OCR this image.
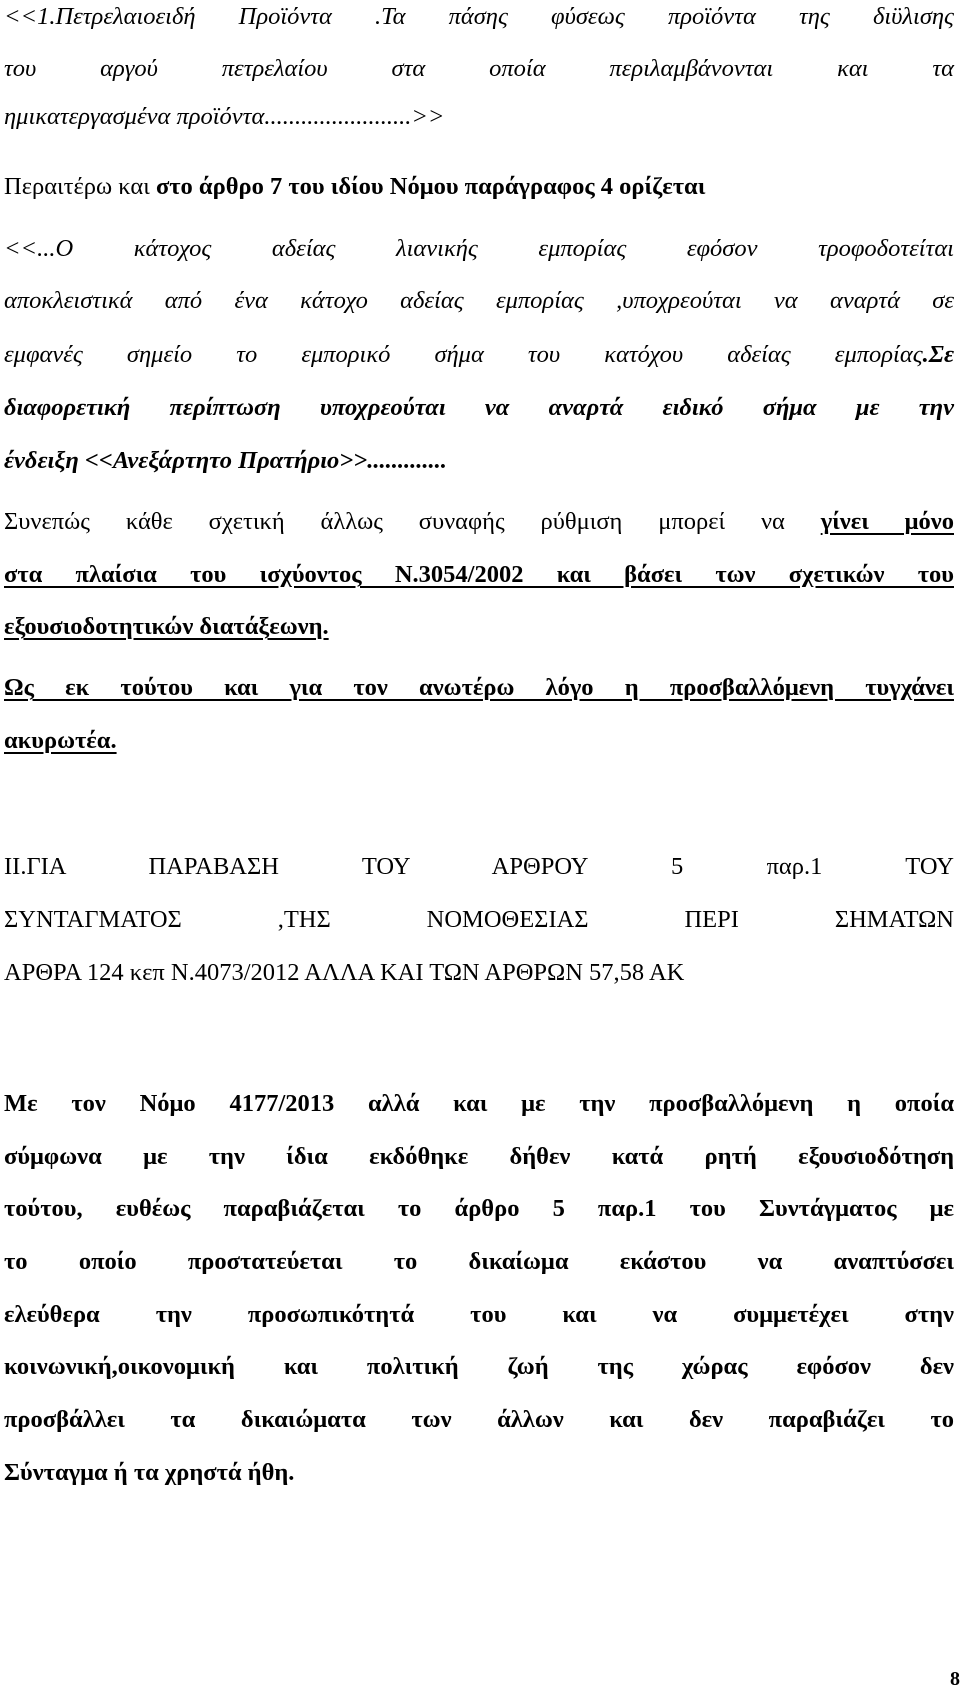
<<1.Πετρελαιοειδή Προϊόντα .Τα πάσης φύσεως προϊόντα της διϋλισης
του αργού πετρελαίου στα οποία περιλαμβάνονται και τα
ημικατεργασμένα προϊόντα........................>>
Περαιτέρω και στο άρθρο 7 του ιδίου Νόμου παράγραφος 4 ορίζεται
<<...Ο κάτοχος αδείας λιανικής εμπορίας εφόσον τροφοδοτείται
αποκλειστικά από ένα κάτοχο αδείας εμπορίας ,υποχρεούται να αναρτά σε
εμφανές σημείο το εμπορικό σήμα του κατόχου αδείας εμπορίας.Σε
διαφορετική περίπτωση υποχρεούται να αναρτά ειδικό σήμα με την
ένδειξη <<Ανεξάρτητο Πρατήριο>>.............
Συνεπώς κάθε σχετική άλλως συναφής ρύθμιση μπορεί να γίνει μόνο
στα πλαίσια του ισχύοντος Ν.3054/2002 και βάσει των σχετικών του
εξουσιοδοτητικών διατάξεωνη.
Ως εκ τούτου και για τον ανωτέρω λόγο η προσβαλλόμενη τυγχάνει
ακυρωτέα.
ΙΙ.ΓΙΑ ΠΑΡΑΒΑΣΗ ΤΟΥ ΑΡΘΡΟΥ 5 παρ.1 ΤΟΥ
ΣΥΝΤΑΓΜΑΤΟΣ ,ΤΗΣ ΝΟΜΟΘΕΣΙΑΣ ΠΕΡΙ ΣΗΜΑΤΩΝ
ΑΡΘΡΑ 124 κεπ Ν.4073/2012 ΑΛΛΑ ΚΑΙ ΤΩΝ ΑΡΘΡΩΝ 57,58 ΑΚ
Με τον Νόμο 4177/2013 αλλά και με την προσβαλλόμενη η οποία
σύμφωνα με την ίδια εκδόθηκε δήθεν κατά ρητή εξουσιοδότηση
τούτου, ευθέως παραβιάζεται το άρθρο 5 παρ.1 του Συντάγματος με
το οποίο προστατεύεται το δικαίωμα εκάστου να αναπτύσσει
ελεύθερα την προσωπικότητά του και να συμμετέχει στην
κοινωνική,οικονομική και πολιτική ζωή της χώρας εφόσον δεν
προσβάλλει τα δικαιώματα των άλλων και δεν παραβιάζει το
Σύνταγμα ή τα χρηστά ήθη.
8
